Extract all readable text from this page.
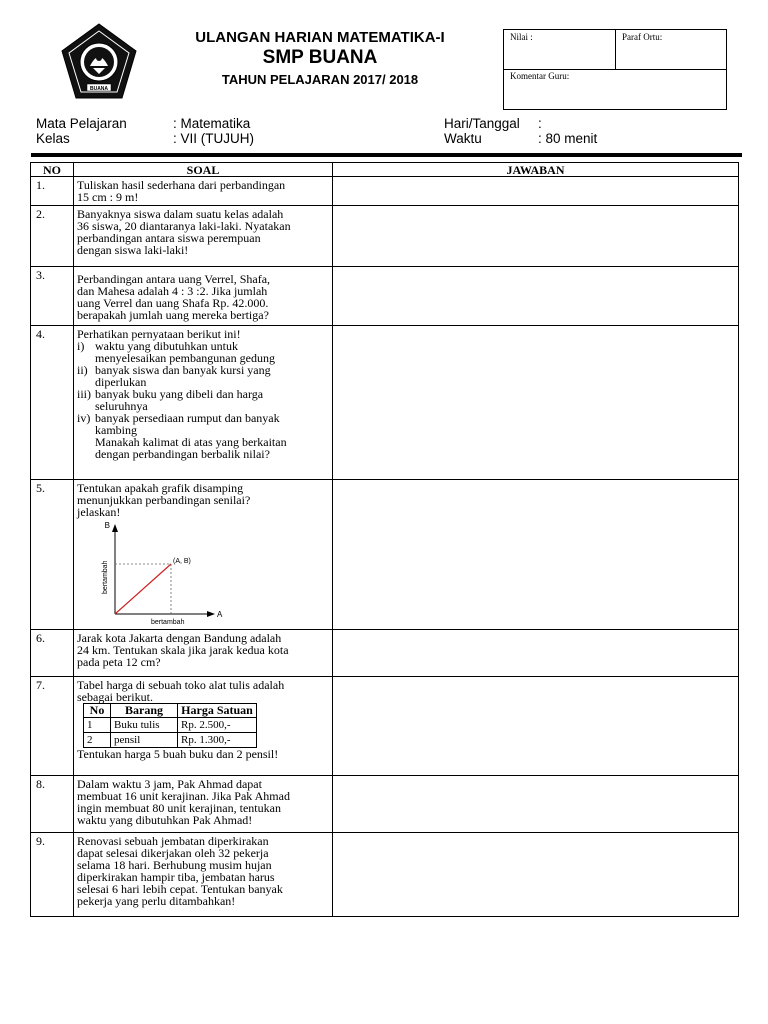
BUANA
ULANGAN HARIAN MATEMATIKA-I
SMP BUANA
TAHUN PELAJARAN 2017/ 2018
Nilai :	Paraf Ortu:
Komentar Guru:
Mata Pelajaran	: Matematika	Hari/Tanggal :
Kelas	: VII (TUJUH)	Waktu	: 80 menit
NO	SOAL	JAWABAN
1.	Tuliskan hasil sederhana dari perbandingan
15 cm : 9 m!

2.	Banyaknya siswa dalam suatu kelas adalah
36 siswa, 20 diantaranya laki-laki. Nyatakan
perbandingan antara siswa perempuan
dengan siswa laki-laki!

3.	Perbandingan antara uang Verrel, Shafa,
dan Mahesa adalah 4 : 3 :2. Jika jumlah
uang Verrel dan uang Shafa Rp. 42.000.
berapakah jumlah uang mereka bertiga?

4.	Perhatikan pernyataan berikut ini!
i) waktu yang dibutuhkan untuk
menyelesaikan pembangunan gedung
ii) banyak siswa dan banyak kursi yang
diperlukan
iii) banyak buku yang dibeli dan harga
seluruhnya
iv) banyak persediaan rumput dan banyak
kambing
Manakah kalimat di atas yang berkaitan
dengan perbandingan berbalik nilai?

5.	Tentukan apakah grafik disamping
menunjukkan perbandingan senilai?
jelaskan!
B
A
(A, B)
bertambah
bertambah

6.	Jarak kota Jakarta dengan Bandung adalah
24 km. Tentukan skala jika jarak kedua kota
pada peta 12 cm?

7.	Tabel harga di sebuah toko alat tulis adalah
sebagai berikut.
No	Barang	Harga Satuan
1	Buku tulis	Rp. 2.500,-
2	pensil	Rp. 1.300,-
Tentukan harga 5 buah buku dan 2 pensil!

8.	Dalam waktu 3 jam, Pak Ahmad dapat
membuat 16 unit kerajinan. Jika Pak Ahmad
ingin membuat 80 unit kerajinan, tentukan
waktu yang dibutuhkan Pak Ahmad!

9.	Renovasi sebuah jembatan diperkirakan
dapat selesai dikerjakan oleh 32 pekerja
selama 18 hari. Berhubung musim hujan
diperkirakan hampir tiba, jembatan harus
selesai 6 hari lebih cepat. Tentukan banyak
pekerja yang perlu ditambahkan!
